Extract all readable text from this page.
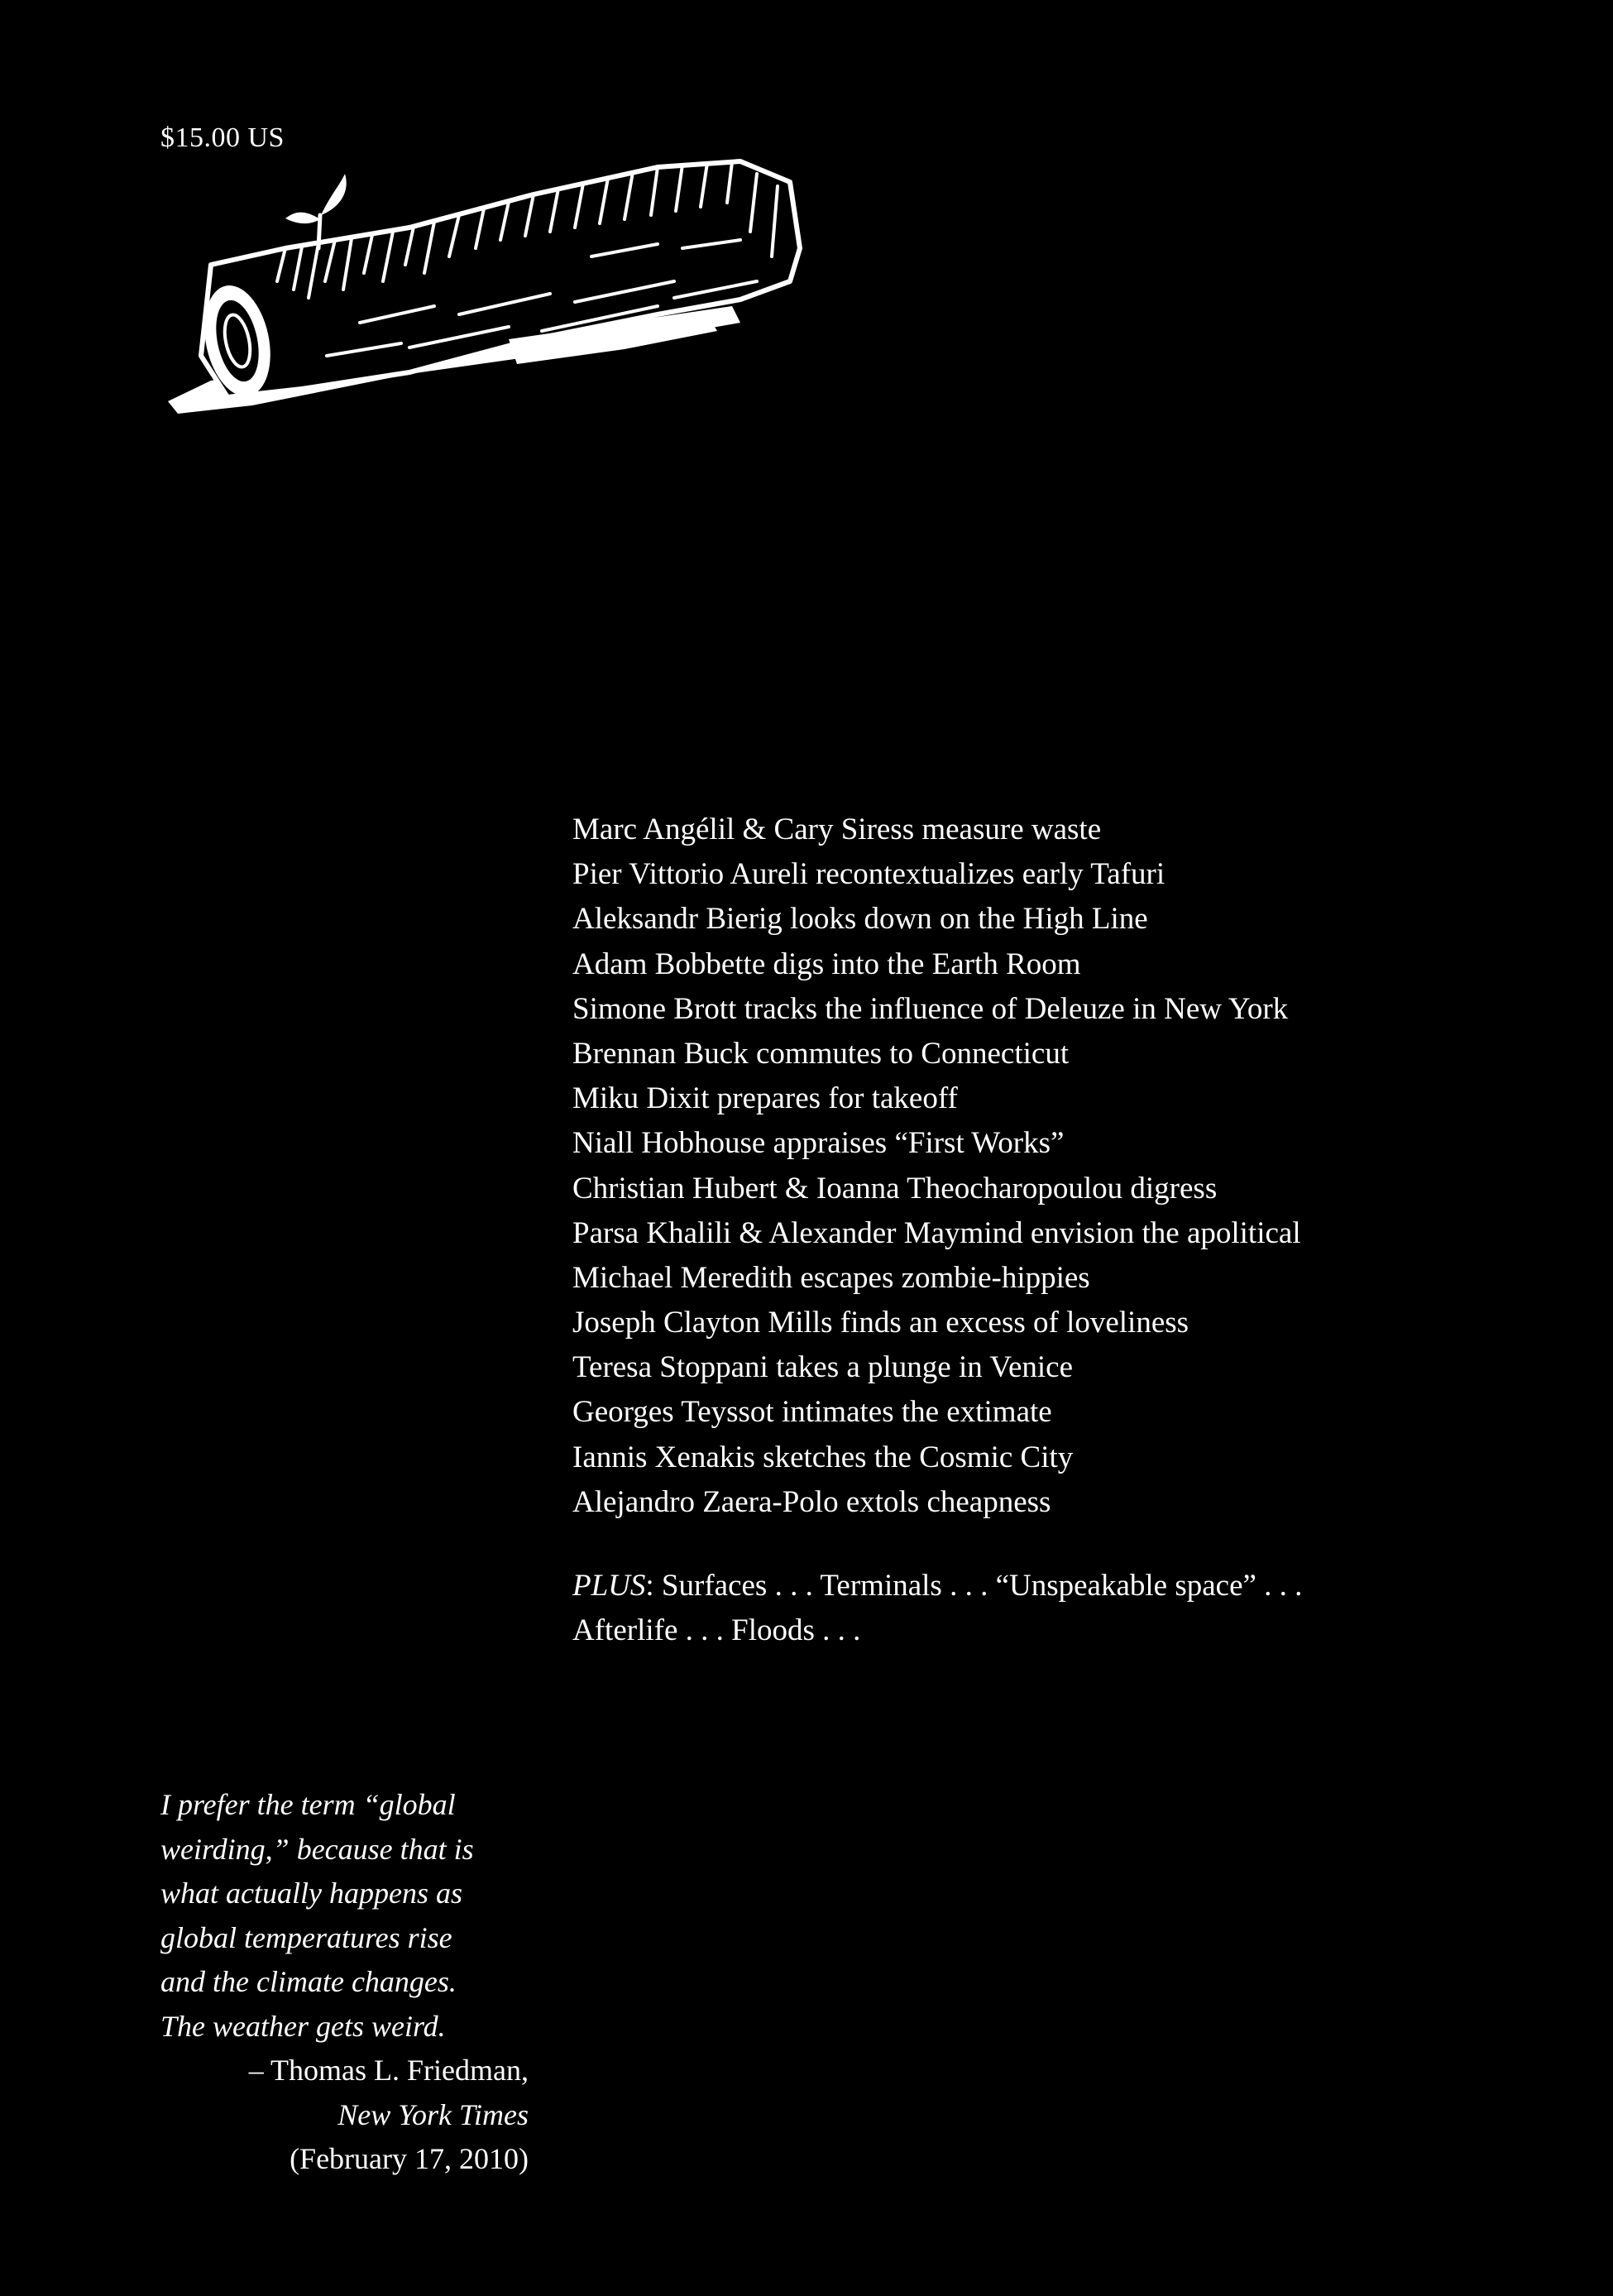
$15.00 US
Marc Angélil & Cary Siress measure waste
Pier Vittorio Aureli recontextualizes early Tafuri
Aleksandr Bierig looks down on the High Line
Adam Bobbette digs into the Earth Room
Simone Brott tracks the influence of Deleuze in New York
Brennan Buck commutes to Connecticut
Miku Dixit prepares for takeoff
Niall Hobhouse appraises “First Works”
Christian Hubert & Ioanna Theocharopoulou digress
Parsa Khalili & Alexander Maymind envision the apolitical
Michael Meredith escapes zombie-hippies
Joseph Clayton Mills finds an excess of loveliness
Teresa Stoppani takes a plunge in Venice
Georges Teyssot intimates the extimate
Iannis Xenakis sketches the Cosmic City
Alejandro Zaera-Polo extols cheapness
PLUS: Surfaces . . . Terminals . . . “Unspeakable space” . . .
Afterlife . . . Floods . . .
I prefer the term “global
weirding,” because that is
what actually happens as
global temperatures rise
and the climate changes.
The weather gets weird.
– Thomas L. Friedman,
New York Times
(February 17, 2010)
